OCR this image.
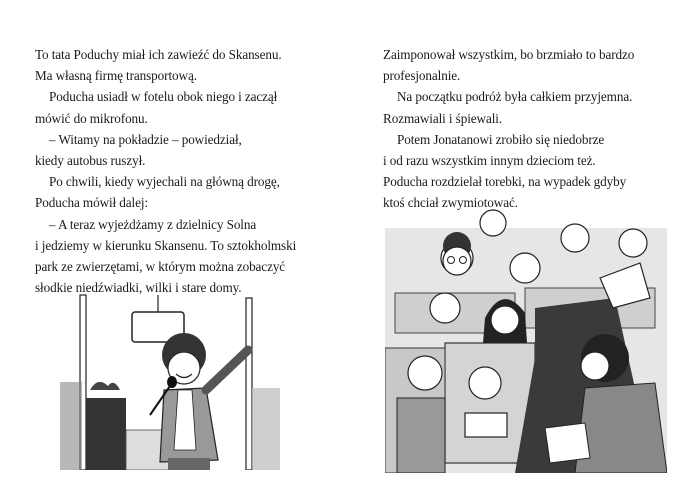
To tata Poduchy miał ich zawieźć do Skansenu.
Ma własną firmę transportową.
Poducha usiadł w fotelu obok niego i zaczął
mówić do mikrofonu.
– Witamy na pokładzie – powiedział,
kiedy autobus ruszył.
Po chwili, kiedy wyjechali na główną drogę,
Poducha mówił dalej:
– A teraz wyjeżdżamy z dzielnicy Solna
i jedziemy w kierunku Skansenu. To sztokholmski
park ze zwierzętami, w którym można zobaczyć
słodkie niedźwiadki, wilki i stare domy.
Zaimponował wszystkim, bo brzmiało to bardzo
profesjonalnie.
Na początku podróż była całkiem przyjemna.
Rozmawiali i śpiewali.
Potem Jonatanowi zrobiło się niedobrze
i od razu wszystkim innym dzieciom też.
Poducha rozdzielał torebki, na wypadek gdyby
ktoś chciał zwymiotować.
